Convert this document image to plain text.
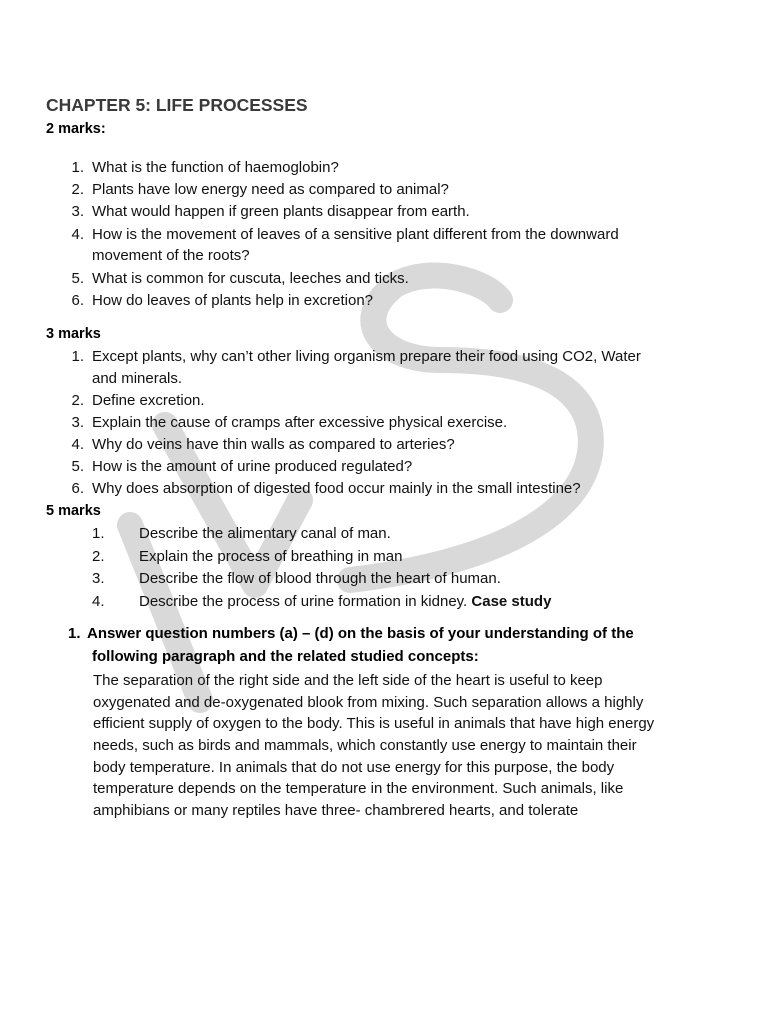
CHAPTER 5: LIFE PROCESSES
2 marks:
1. What is the function of haemoglobin?
2. Plants have low energy need as compared to animal?
3. What would happen if green plants disappear from earth.
4. How is the movement of leaves of a sensitive plant different from the downward
movement of the roots?
5. What is common for cuscuta, leeches and ticks.
6. How do leaves of plants help in excretion?
3 marks
1. Except plants, why can’t other living organism prepare their food using CO2, Water
and minerals.
2. Define excretion.
3. Explain the cause of cramps after excessive physical exercise.
4. Why do veins have thin walls as compared to arteries?
5. How is the amount of urine produced regulated?
6. Why does absorption of digested food occur mainly in the small intestine?
5 marks
1. Describe the alimentary canal of man.
2. Explain the process of breathing in man
3. Describe the flow of blood through the heart of human.
4. Describe the process of urine formation in kidney. Case study
1. Answer question numbers (a) – (d) on the basis of your understanding of the
following paragraph and the related studied concepts:
The separation of the right side and the left side of the heart is useful to keep
oxygenated and de-oxygenated blook from mixing. Such separation allows a highly
efficient supply of oxygen to the body. This is useful in animals that have high energy
needs, such as birds and mammals, which constantly use energy to maintain their
body temperature. In animals that do not use energy for this purpose, the body
temperature depends on the temperature in the environment. Such animals, like
amphibians or many reptiles have three- chambrered hearts, and tolerate
